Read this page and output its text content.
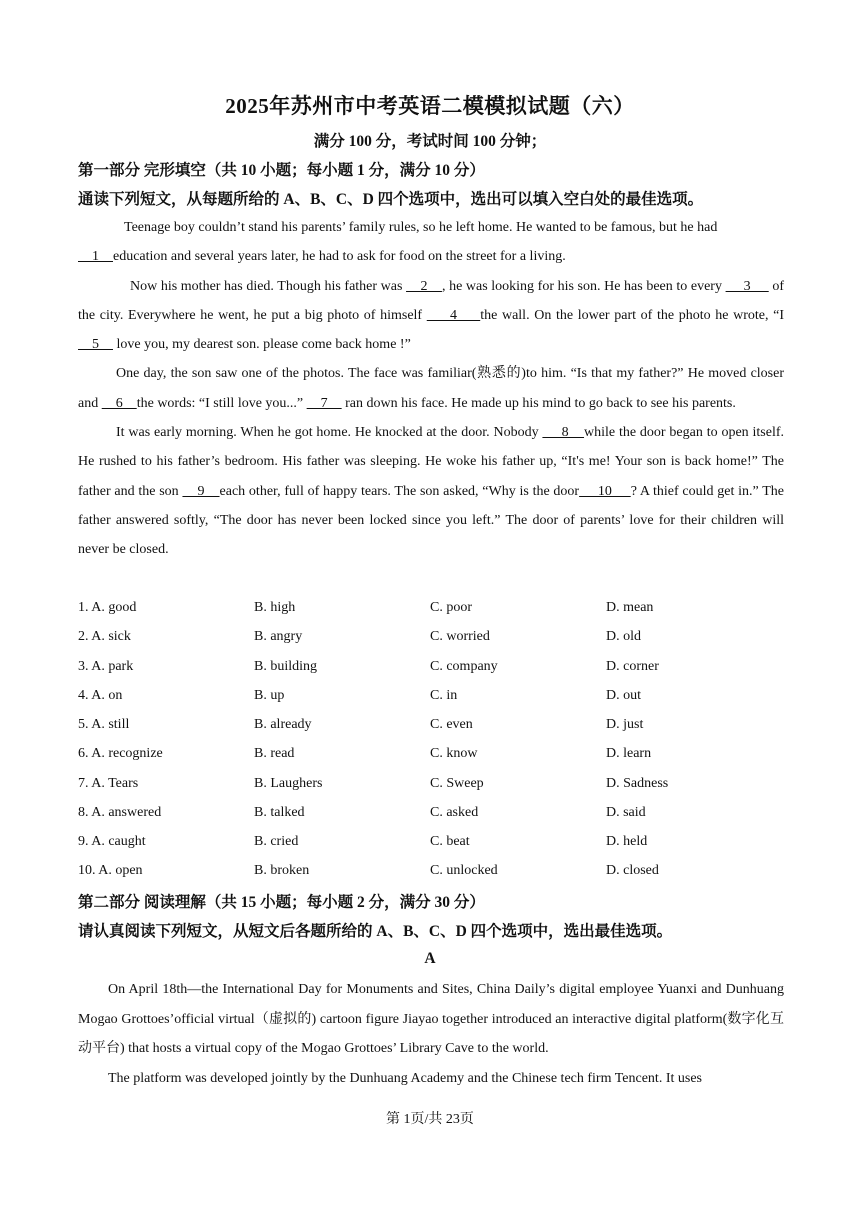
2025年苏州市中考英语二模模拟试题（六）
满分 100 分，考试时间 100 分钟；
第一部分 完形填空（共 10 小题；每小题 1 分，满分 10 分）
通读下列短文，从每题所给的 A、B、C、D 四个选项中，选出可以填入空白处的最佳选项。

Teenage boy couldn’t stand his parents’ family rules, so he left home. He wanted to be famous, but he had
1    education and several years later, he had to ask for food on the street for a living.

Now his mother has died. Though his father was     2    , he was looking for his son. He has been to every      3      of the city. Everywhere he went, he put a big photo of himself      4     the wall. On the lower part of the photo he wrote, “I     5     love you, my dearest son. please come back home !”

One day, the son saw one of the photos. The face was familiar(熟悉的)to him. “Is that my father?” He moved closer and     6    the words: “I still love you...”     7     ran down his face. He made up his mind to go back to see his parents.

It was early morning. When he got home. He knocked at the door. Nobody      8    while the door began to open itself. He rushed to his father’s bedroom. His father was sleeping. He woke his father up, “It's me! Your son is back home!” The father and the son     9    each other, full of happy tears. The son asked, “Why is the door     10     ? A thief could get in.” The father answered softly, “The door has never been locked since you left.” The door of parents’ love for their children will never be closed.

1. A. good	B. high	C. poor	D. mean
2. A. sick	B. angry	C. worried	D. old
3. A. park	B. building	C. company	D. corner
4. A. on	B. up	C. in	D. out
5. A. still	B. already	C. even	D. just
6. A. recognize	B. read	C. know	D. learn
7. A. Tears	B. Laughers	C. Sweep	D. Sadness
8. A. answered	B. talked	C. asked	D. said
9. A. caught	B. cried	C. beat	D. held
10. A. open	B. broken	C. unlocked	D. closed
第二部分 阅读理解（共 15 小题；每小题 2 分，满分 30 分）
请认真阅读下列短文，从短文后各题所给的 A、B、C、D 四个选项中，选出最佳选项。
A

On April 18th—the International Day for Monuments and Sites, China Daily’s digital employee Yuanxi and Dunhuang Mogao Grottoes’official virtual（虚拟的) cartoon figure Jiayao together introduced an interactive digital platform(数字化互动平台) that hosts a virtual copy of the Mogao Grottoes’ Library Cave to the world.

The platform was developed jointly by the Dunhuang Academy and the Chinese tech firm Tencent. It uses

第 1页/共 23页
